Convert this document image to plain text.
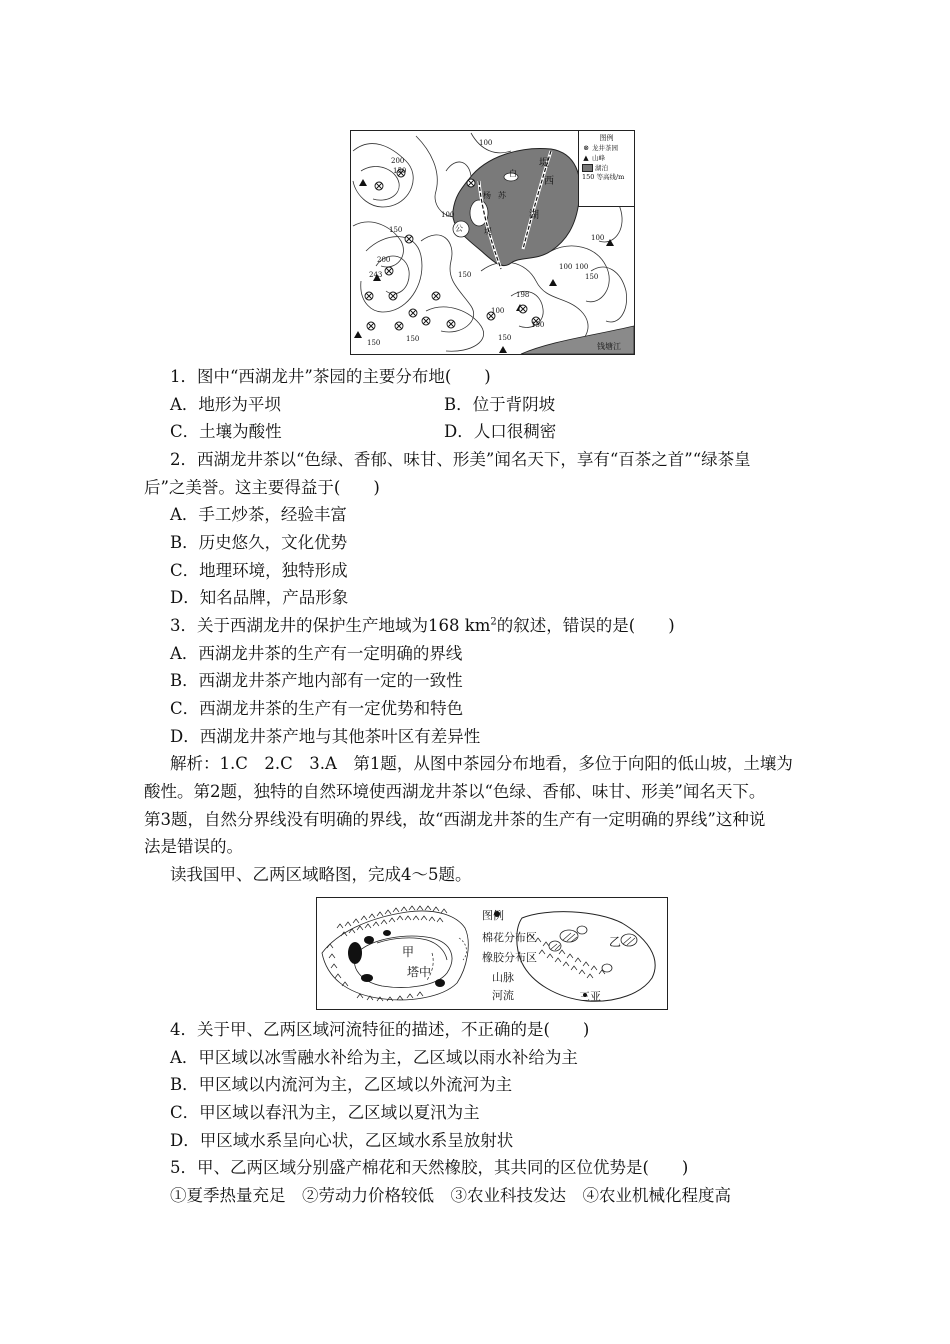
200
150
100
100
150
100
150
200
243	150
100
100
198
150
150
150
100
150
堤
白
西
杨 苏
湖
公	堤
钱塘江
图例
⊗ 龙井茶园
▲ 山峰
湖泊
150 等高线/m
1．图中“西湖龙井”茶园的主要分布地(　　)
A．地形为平坝	B．位于背阴坡
C．土壤为酸性	D．人口很稠密
2．西湖龙井茶以“色绿、香郁、味甘、形美”闻名天下，享有“百茶之首”“绿茶皇
后”之美誉。这主要得益于(　　)
A．手工炒茶，经验丰富
B．历史悠久，文化优势
C．地理环境，独特形成
D．知名品牌，产品形象
3．关于西湖龙井的保护生产地域为168 $km^2$的叙述，错误的是(　　)
A．西湖龙井茶的生产有一定明确的界线
B．西湖龙井茶产地内部有一定的一致性
C．西湖龙井茶的生产有一定优势和特色
D．西湖龙井茶产地与其他茶叶区有差异性
解析：1.C　2.C　3.A　第1题，从图中茶园分布地看，多位于向阳的低山坡，土壤为
酸性。第2题，独特的自然环境使西湖龙井茶以“色绿、香郁、味甘、形美”闻名天下。
第3题，自然分界线没有明确的界线，故“西湖龙井茶的生产有一定明确的界线”这种说
法是错误的。
读我国甲、乙两区域略图，完成4～5题。
甲
塔中
乙
三亚
图例
棉花分布区
橡胶分布区
山脉
河流
4．关于甲、乙两区域河流特征的描述，不正确的是(　　)
A．甲区域以冰雪融水补给为主，乙区域以雨水补给为主
B．甲区域以内流河为主，乙区域以外流河为主
C．甲区域以春汛为主，乙区域以夏汛为主
D．甲区域水系呈向心状，乙区域水系呈放射状
5．甲、乙两区域分别盛产棉花和天然橡胶，其共同的区位优势是(　　)
①夏季热量充足　②劳动力价格较低　③农业科技发达　④农业机械化程度高
